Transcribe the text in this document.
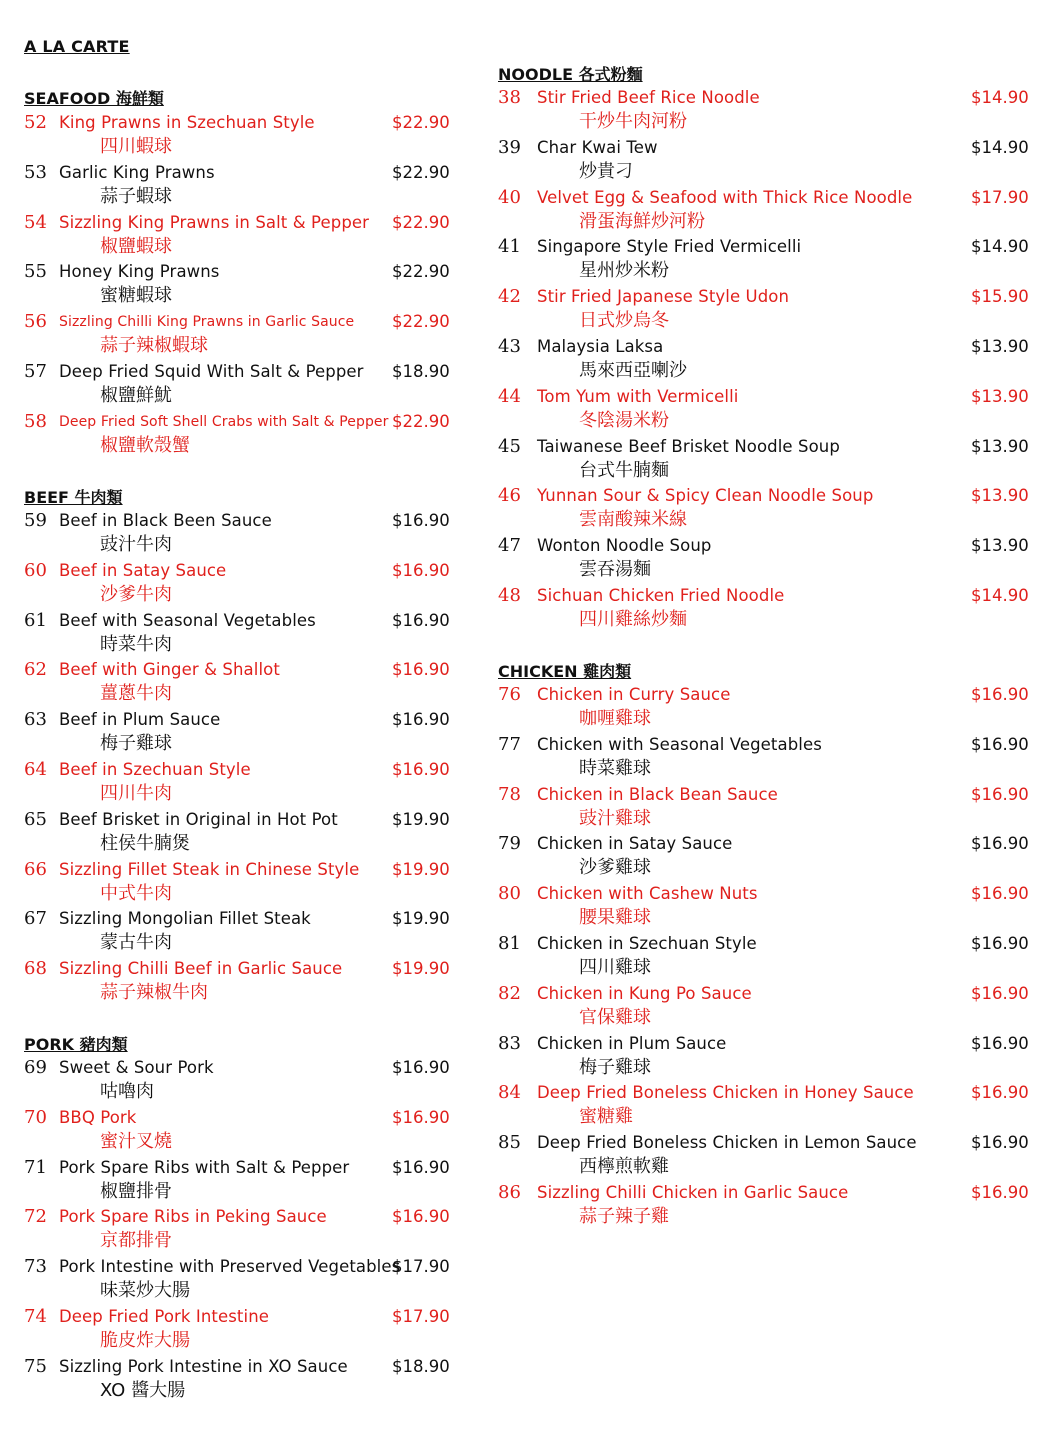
A LA CARTE
SEAFOOD 海鮮類
BEEF 牛肉類
PORK 豬肉類
52 King Prawns in Szechuan Style
四川蝦球
$22.90
53 Garlic King Prawns
蒜子蝦球
$22.90
54 Sizzling King Prawns in Salt & Pepper
椒鹽蝦球
$22.90
55 Honey King Prawns
蜜糖蝦球
$22.90
56 Sizzling Chilli King Prawns in Garlic Sauce
蒜子辣椒蝦球
$22.90
57 Deep Fried Squid With Salt & Pepper
椒鹽鮮魷
$18.90
58 Deep Fried Soft Shell Crabs with Salt & Pepper
椒鹽軟殼蟹
$22.90
59 Beef in Black Been Sauce
豉汁牛肉
$16.90
60 Beef in Satay Sauce
沙爹牛肉
$16.90
61 Beef with Seasonal Vegetables
時菜牛肉
$16.90
62 Beef with Ginger & Shallot
薑蔥牛肉
$16.90
63 Beef in Plum Sauce
梅子雞球
$16.90
64 Beef in Szechuan Style
四川牛肉
$16.90
65 Beef Brisket in Original in Hot Pot
柱侯牛腩煲
$19.90
66 Sizzling Fillet Steak in Chinese Style
中式牛肉
$19.90
67 Sizzling Mongolian Fillet Steak
蒙古牛肉
$19.90
68 Sizzling Chilli Beef in Garlic Sauce
蒜子辣椒牛肉
$19.90
69 Sweet & Sour Pork
咕嚕肉
$16.90
70 BBQ Pork
蜜汁叉燒
$16.90
71 Pork Spare Ribs with Salt & Pepper
椒鹽排骨
$16.90
72 Pork Spare Ribs in Peking Sauce
京都排骨
$16.90
73 Pork Intestine with Preserved Vegetables
味菜炒大腸
$17.90
74 Deep Fried Pork Intestine
脆皮炸大腸
$17.90
75 Sizzling Pork Intestine in XO Sauce
XO 醬大腸
$18.90
NOODLE 各式粉麵
CHICKEN 雞肉類
38 Stir Fried Beef Rice Noodle
干炒牛肉河粉
$14.90
39 Char Kwai Tew
炒貴刁
$14.90
40 Velvet Egg & Seafood with Thick Rice Noodle
滑蛋海鮮炒河粉
$17.90
41 Singapore Style Fried Vermicelli
星州炒米粉
$14.90
42 Stir Fried Japanese Style Udon
日式炒烏冬
$15.90
43 Malaysia Laksa
馬來西亞喇沙
$13.90
44 Tom Yum with Vermicelli
冬陰湯米粉
$13.90
45 Taiwanese Beef Brisket Noodle Soup
台式牛腩麵
$13.90
46 Yunnan Sour & Spicy Clean Noodle Soup
雲南酸辣米線
$13.90
47 Wonton Noodle Soup
雲吞湯麵
$13.90
48 Sichuan Chicken Fried Noodle
四川雞絲炒麵
$14.90
76 Chicken in Curry Sauce
咖喱雞球
$16.90
77 Chicken with Seasonal Vegetables
時菜雞球
$16.90
78 Chicken in Black Bean Sauce
豉汁雞球
$16.90
79 Chicken in Satay Sauce
沙爹雞球
$16.90
80 Chicken with Cashew Nuts
腰果雞球
$16.90
81 Chicken in Szechuan Style
四川雞球
$16.90
82 Chicken in Kung Po Sauce
官保雞球
$16.90
83 Chicken in Plum Sauce
梅子雞球
$16.90
84 Deep Fried Boneless Chicken in Honey Sauce
蜜糖雞
$16.90
85 Deep Fried Boneless Chicken in Lemon Sauce
西檸煎軟雞
$16.90
86 Sizzling Chilli Chicken in Garlic Sauce
蒜子辣子雞
$16.90
